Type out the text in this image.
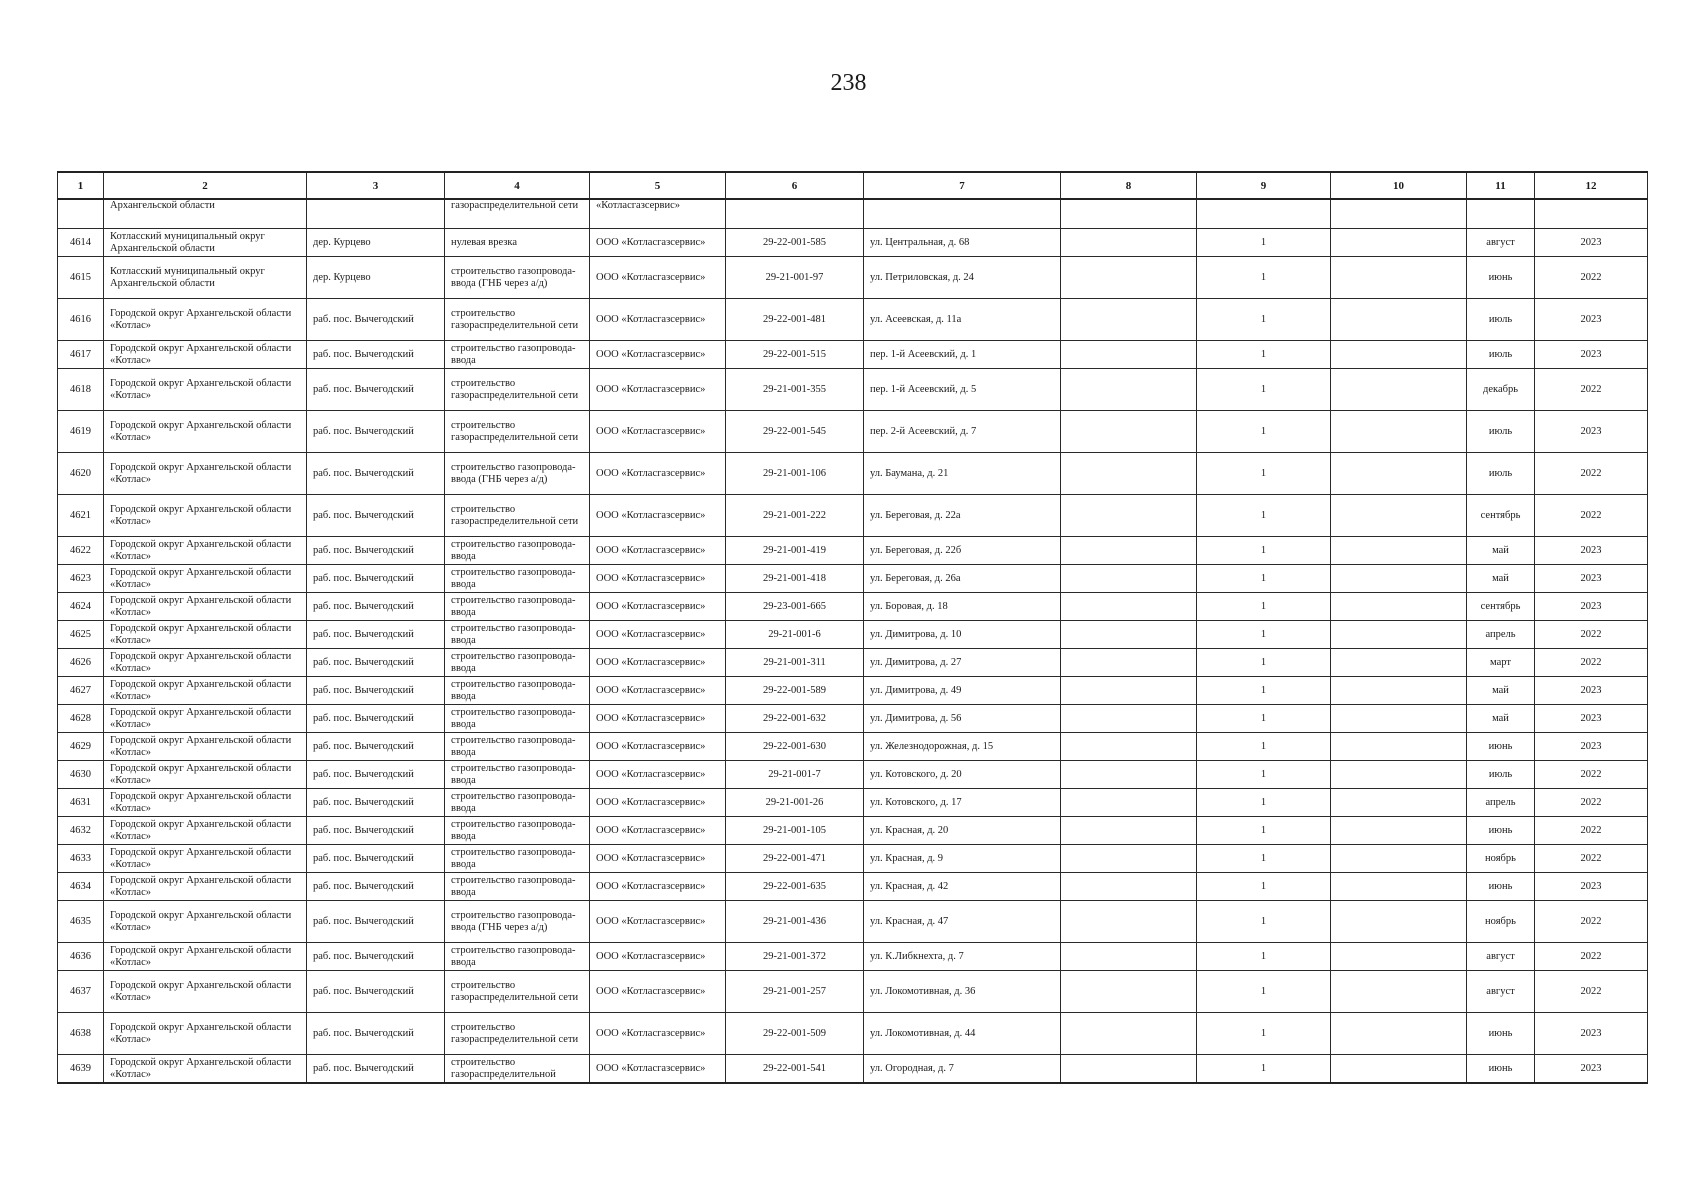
238
1	2	3	4	5	6	7	8	9	10	11	12
	Архангельской области		газораспределительной сети	«Котласгазсервис»							
4614	Котласский муниципальный округ Архангельской области	дер. Курцево	нулевая врезка	ООО «Котласгазсервис»	29-22-001-585	ул. Центральная, д. 68		1		август	2023
4615	Котласский муниципальный округ Архангельской области	дер. Курцево	строительство газопровода-ввода (ГНБ через а/д)	ООО «Котласгазсервис»	29-21-001-97	ул. Петриловская, д. 24		1		июнь	2022
4616	Городской округ Архангельской области «Котлас»	раб. пос. Вычегодский	строительство газораспределительной сети	ООО «Котласгазсервис»	29-22-001-481	ул. Асеевская, д. 11а		1		июль	2023
4617	Городской округ Архангельской области «Котлас»	раб. пос. Вычегодский	строительство газопровода-ввода	ООО «Котласгазсервис»	29-22-001-515	пер. 1-й Асеевский, д. 1		1		июль	2023
4618	Городской округ Архангельской области «Котлас»	раб. пос. Вычегодский	строительство газораспределительной сети	ООО «Котласгазсервис»	29-21-001-355	пер. 1-й Асеевский, д. 5		1		декабрь	2022
4619	Городской округ Архангельской области «Котлас»	раб. пос. Вычегодский	строительство газораспределительной сети	ООО «Котласгазсервис»	29-22-001-545	пер. 2-й Асеевский, д. 7		1		июль	2023
4620	Городской округ Архангельской области «Котлас»	раб. пос. Вычегодский	строительство газопровода-ввода (ГНБ через а/д)	ООО «Котласгазсервис»	29-21-001-106	ул. Баумана, д. 21		1		июль	2022
4621	Городской округ Архангельской области «Котлас»	раб. пос. Вычегодский	строительство газораспределительной сети	ООО «Котласгазсервис»	29-21-001-222	ул. Береговая, д. 22а		1		сентябрь	2022
4622	Городской округ Архангельской области «Котлас»	раб. пос. Вычегодский	строительство газопровода-ввода	ООО «Котласгазсервис»	29-21-001-419	ул. Береговая, д. 22б		1		май	2023
4623	Городской округ Архангельской области «Котлас»	раб. пос. Вычегодский	строительство газопровода-ввода	ООО «Котласгазсервис»	29-21-001-418	ул. Береговая, д. 26а		1		май	2023
4624	Городской округ Архангельской области «Котлас»	раб. пос. Вычегодский	строительство газопровода-ввода	ООО «Котласгазсервис»	29-23-001-665	ул. Боровая, д. 18		1		сентябрь	2023
4625	Городской округ Архангельской области «Котлас»	раб. пос. Вычегодский	строительство газопровода-ввода	ООО «Котласгазсервис»	29-21-001-6	ул. Димитрова, д. 10		1		апрель	2022
4626	Городской округ Архангельской области «Котлас»	раб. пос. Вычегодский	строительство газопровода-ввода	ООО «Котласгазсервис»	29-21-001-311	ул. Димитрова, д. 27		1		март	2022
4627	Городской округ Архангельской области «Котлас»	раб. пос. Вычегодский	строительство газопровода-ввода	ООО «Котласгазсервис»	29-22-001-589	ул. Димитрова, д. 49		1		май	2023
4628	Городской округ Архангельской области «Котлас»	раб. пос. Вычегодский	строительство газопровода-ввода	ООО «Котласгазсервис»	29-22-001-632	ул. Димитрова, д. 56		1		май	2023
4629	Городской округ Архангельской области «Котлас»	раб. пос. Вычегодский	строительство газопровода-ввода	ООО «Котласгазсервис»	29-22-001-630	ул. Железнодорожная, д. 15		1		июнь	2023
4630	Городской округ Архангельской области «Котлас»	раб. пос. Вычегодский	строительство газопровода-ввода	ООО «Котласгазсервис»	29-21-001-7	ул. Котовского, д. 20		1		июль	2022
4631	Городской округ Архангельской области «Котлас»	раб. пос. Вычегодский	строительство газопровода-ввода	ООО «Котласгазсервис»	29-21-001-26	ул. Котовского, д. 17		1		апрель	2022
4632	Городской округ Архангельской области «Котлас»	раб. пос. Вычегодский	строительство газопровода-ввода	ООО «Котласгазсервис»	29-21-001-105	ул. Красная, д. 20		1		июнь	2022
4633	Городской округ Архангельской области «Котлас»	раб. пос. Вычегодский	строительство газопровода-ввода	ООО «Котласгазсервис»	29-22-001-471	ул. Красная, д. 9		1		ноябрь	2022
4634	Городской округ Архангельской области «Котлас»	раб. пос. Вычегодский	строительство газопровода-ввода	ООО «Котласгазсервис»	29-22-001-635	ул. Красная, д. 42		1		июнь	2023
4635	Городской округ Архангельской области «Котлас»	раб. пос. Вычегодский	строительство газопровода-ввода (ГНБ через а/д)	ООО «Котласгазсервис»	29-21-001-436	ул. Красная, д. 47		1		ноябрь	2022
4636	Городской округ Архангельской области «Котлас»	раб. пос. Вычегодский	строительство газопровода-ввода	ООО «Котласгазсервис»	29-21-001-372	ул. К.Либкнехта, д. 7		1		август	2022
4637	Городской округ Архангельской области «Котлас»	раб. пос. Вычегодский	строительство газораспределительной сети	ООО «Котласгазсервис»	29-21-001-257	ул. Локомотивная, д. 36		1		август	2022
4638	Городской округ Архангельской области «Котлас»	раб. пос. Вычегодский	строительство газораспределительной сети	ООО «Котласгазсервис»	29-22-001-509	ул. Локомотивная, д. 44		1		июнь	2023
4639	Городской округ Архангельской области «Котлас»	раб. пос. Вычегодский	строительство газораспределительной	ООО «Котласгазсервис»	29-22-001-541	ул. Огородная, д. 7		1		июнь	2023
